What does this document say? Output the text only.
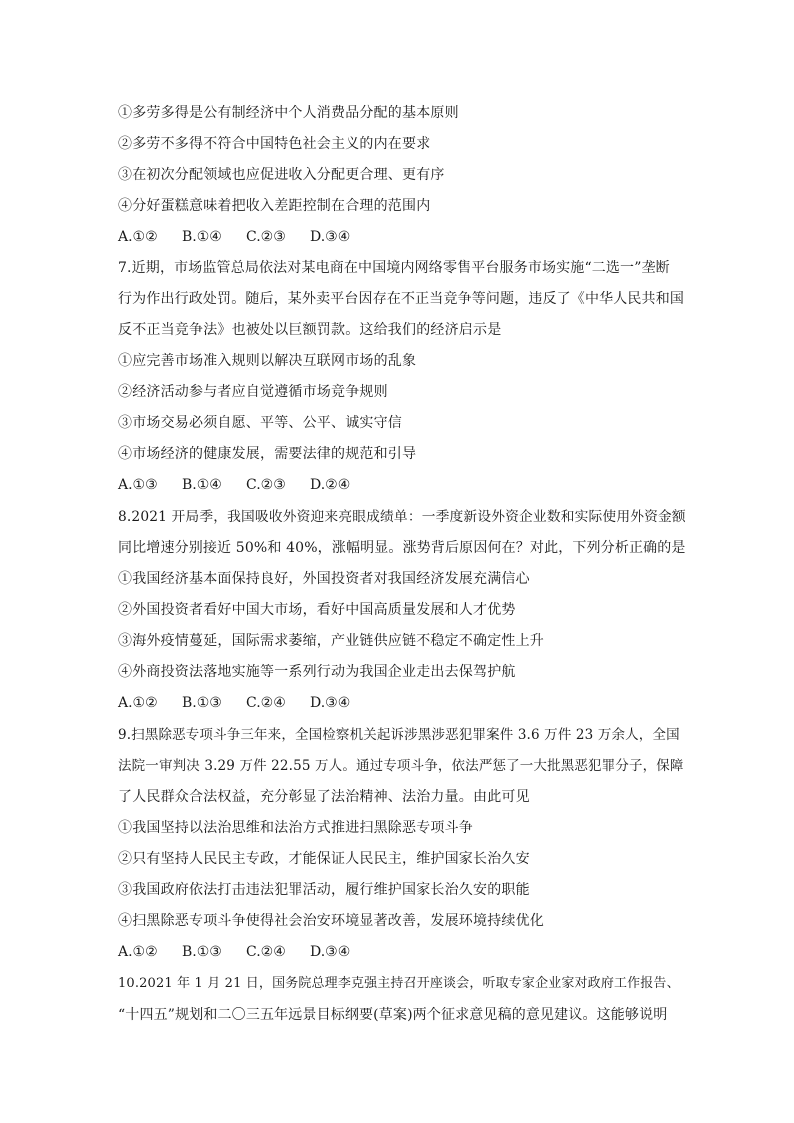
①多劳多得是公有制经济中个人消费品分配的基本原则
②多劳不多得不符合中国特色社会主义的内在要求
③在初次分配领域也应促进收入分配更合理、更有序
④分好蛋糕意味着把收入差距控制在合理的范围内
A.①② B.①④ C.②③ D.③④
7.近期，市场监管总局依法对某电商在中国境内网络零售平台服务市场实施“二选一”垄断
行为作出行政处罚。随后，某外卖平台因存在不正当竞争等问题，违反了《中华人民共和国
反不正当竞争法》也被处以巨额罚款。这给我们的经济启示是
①应完善市场准入规则以解决互联网市场的乱象
②经济活动参与者应自觉遵循市场竞争规则
③市场交易必须自愿、平等、公平、诚实守信
④市场经济的健康发展，需要法律的规范和引导
A.①③ B.①④ C.②③ D.②④
8.2021 开局季，我国吸收外资迎来亮眼成绩单：一季度新设外资企业数和实际使用外资金额
同比增速分别接近 50%和 40%，涨幅明显。涨势背后原因何在？对此，下列分析正确的是
①我国经济基本面保持良好，外国投资者对我国经济发展充满信心
②外国投资者看好中国大市场，看好中国高质量发展和人才优势
③海外疫情蔓延，国际需求萎缩，产业链供应链不稳定不确定性上升
④外商投资法落地实施等一系列行动为我国企业走出去保驾护航
A.①② B.①③ C.②④ D.③④
9.扫黑除恶专项斗争三年来，全国检察机关起诉涉黑涉恶犯罪案件 3.6 万件 23 万余人，全国
法院一审判决 3.29 万件 22.55 万人。通过专项斗争，依法严惩了一大批黑恶犯罪分子，保障
了人民群众合法权益，充分彰显了法治精神、法治力量。由此可见
①我国坚持以法治思维和法治方式推进扫黑除恶专项斗争
②只有坚持人民民主专政，才能保证人民民主，维护国家长治久安
③我国政府依法打击违法犯罪活动，履行维护国家长治久安的职能
④扫黑除恶专项斗争使得社会治安环境显著改善，发展环境持续优化
A.①② B.①③ C.②④ D.③④
10.2021 年 1 月 21 日，国务院总理李克强主持召开座谈会，听取专家企业家对政府工作报告、
“十四五”规划和二〇三五年远景目标纲要(草案)两个征求意见稿的意见建议。这能够说明
